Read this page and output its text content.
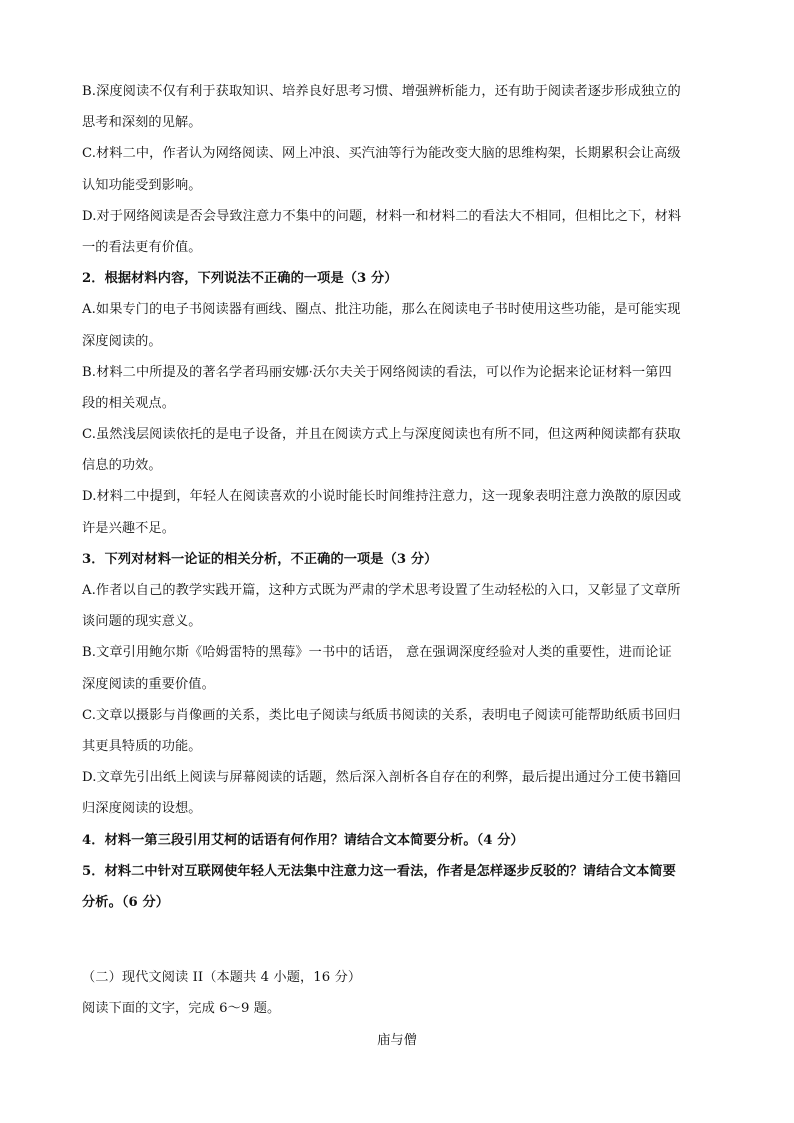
B.深度阅读不仅有利于获取知识、培养良好思考习惯、增强辨析能力，还有助于阅读者逐步形成独立的
思考和深刻的见解。
C.材料二中，作者认为网络阅读、网上冲浪、买汽油等行为能改变大脑的思维构架，长期累积会让高级
认知功能受到影响。
D.对于网络阅读是否会导致注意力不集中的问题，材料一和材料二的看法大不相同，但相比之下，材料
一的看法更有价值。
2．根据材料内容，下列说法不正确的一项是（3 分）
A.如果专门的电子书阅读器有画线、圈点、批注功能，那么在阅读电子书时使用这些功能，是可能实现
深度阅读的。
B.材料二中所提及的著名学者玛丽安娜·沃尔夫关于网络阅读的看法，可以作为论据来论证材料一第四
段的相关观点。
C.虽然浅层阅读依托的是电子设备，并且在阅读方式上与深度阅读也有所不同，但这两种阅读都有获取
信息的功效。
D.材料二中提到，年轻人在阅读喜欢的小说时能长时间维持注意力，这一现象表明注意力涣散的原因或
许是兴趣不足。
3．下列对材料一论证的相关分析，不正确的一项是（3 分）
A.作者以自己的教学实践开篇，这种方式既为严肃的学术思考设置了生动轻松的入口，又彰显了文章所
谈问题的现实意义。
B.文章引用鲍尔斯《哈姆雷特的黑莓》一书中的话语， 意在强调深度经验对人类的重要性，进而论证
深度阅读的重要价值。
C.文章以摄影与肖像画的关系，类比电子阅读与纸质书阅读的关系，表明电子阅读可能帮助纸质书回归
其更具特质的功能。
D.文章先引出纸上阅读与屏幕阅读的话题，然后深入剖析各自存在的利弊，最后提出通过分工使书籍回
归深度阅读的设想。
4．材料一第三段引用艾柯的话语有何作用？请结合文本简要分析。（4 分）
5．材料二中针对互联网使年轻人无法集中注意力这一看法，作者是怎样逐步反驳的？请结合文本简要
分析。（6 分）
（二）现代文阅读 II（本题共 4 小题，16 分）
阅读下面的文字，完成 6～9 题。
庙与僧
